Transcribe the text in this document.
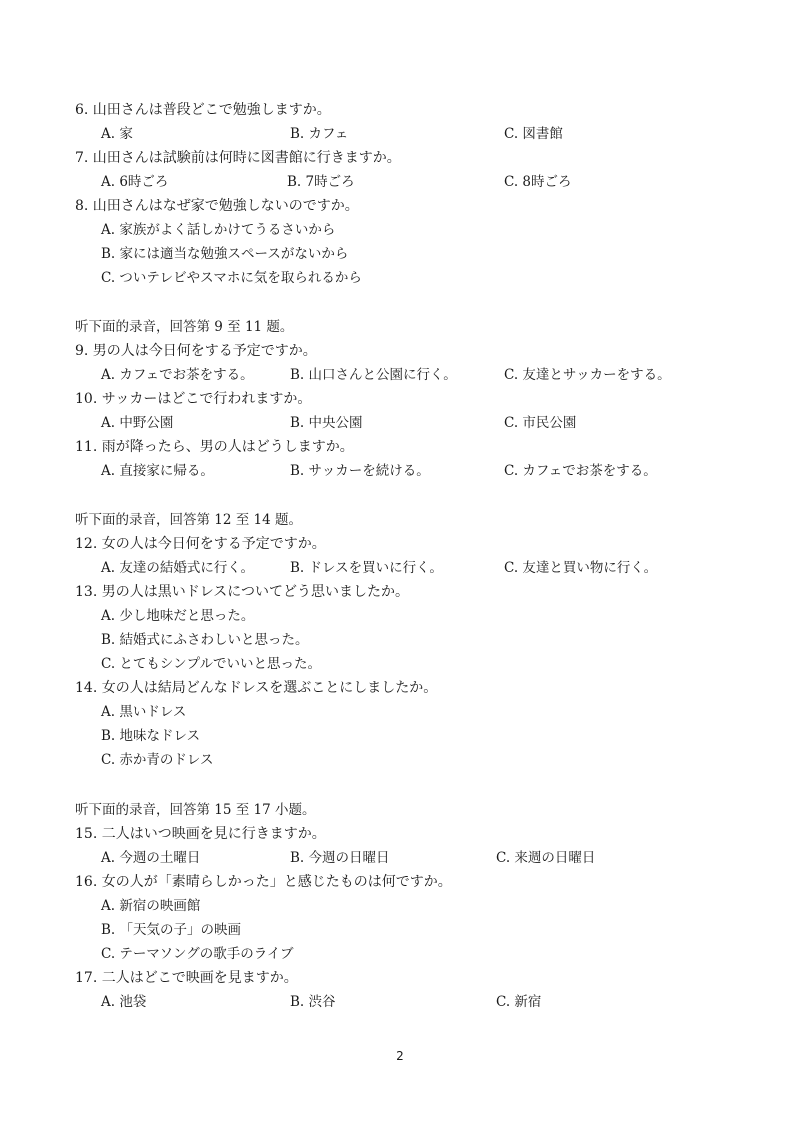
6. 山田さんは普段どこで勉強しますか。
A. 家	B. カフェ	C. 図書館
7. 山田さんは試験前は何時に図書館に行きますか。
A. 6時ごろ	B. 7時ごろ	C. 8時ごろ
8. 山田さんはなぜ家で勉強しないのですか。
A. 家族がよく話しかけてうるさいから
B. 家には適当な勉強スペースがないから
C. ついテレビやスマホに気を取られるから
听下面的录音，回答第 9 至 11 题。
9. 男の人は今日何をする予定ですか。
A. カフェでお茶をする。	B. 山口さんと公園に行く。	C. 友達とサッカーをする。
10. サッカーはどこで行われますか。
A. 中野公園	B. 中央公園	C. 市民公園
11. 雨が降ったら、男の人はどうしますか。
A. 直接家に帰る。	B. サッカーを続ける。	C. カフェでお茶をする。
听下面的录音，回答第 12 至 14 题。
12. 女の人は今日何をする予定ですか。
A. 友達の結婚式に行く。	B. ドレスを買いに行く。	C. 友達と買い物に行く。
13. 男の人は黒いドレスについてどう思いましたか。
A. 少し地味だと思った。
B. 結婚式にふさわしいと思った。
C. とてもシンプルでいいと思った。
14. 女の人は結局どんなドレスを選ぶことにしましたか。
A. 黒いドレス
B. 地味なドレス
C. 赤か青のドレス
听下面的录音，回答第 15 至 17 小题。
15. 二人はいつ映画を見に行きますか。
A. 今週の土曜日	B. 今週の日曜日	C. 来週の日曜日
16. 女の人が「素晴らしかった」と感じたものは何ですか。
A. 新宿の映画館
B. 「天気の子」の映画
C. テーマソングの歌手のライブ
17. 二人はどこで映画を見ますか。
A. 池袋	B. 渋谷	C. 新宿
2
